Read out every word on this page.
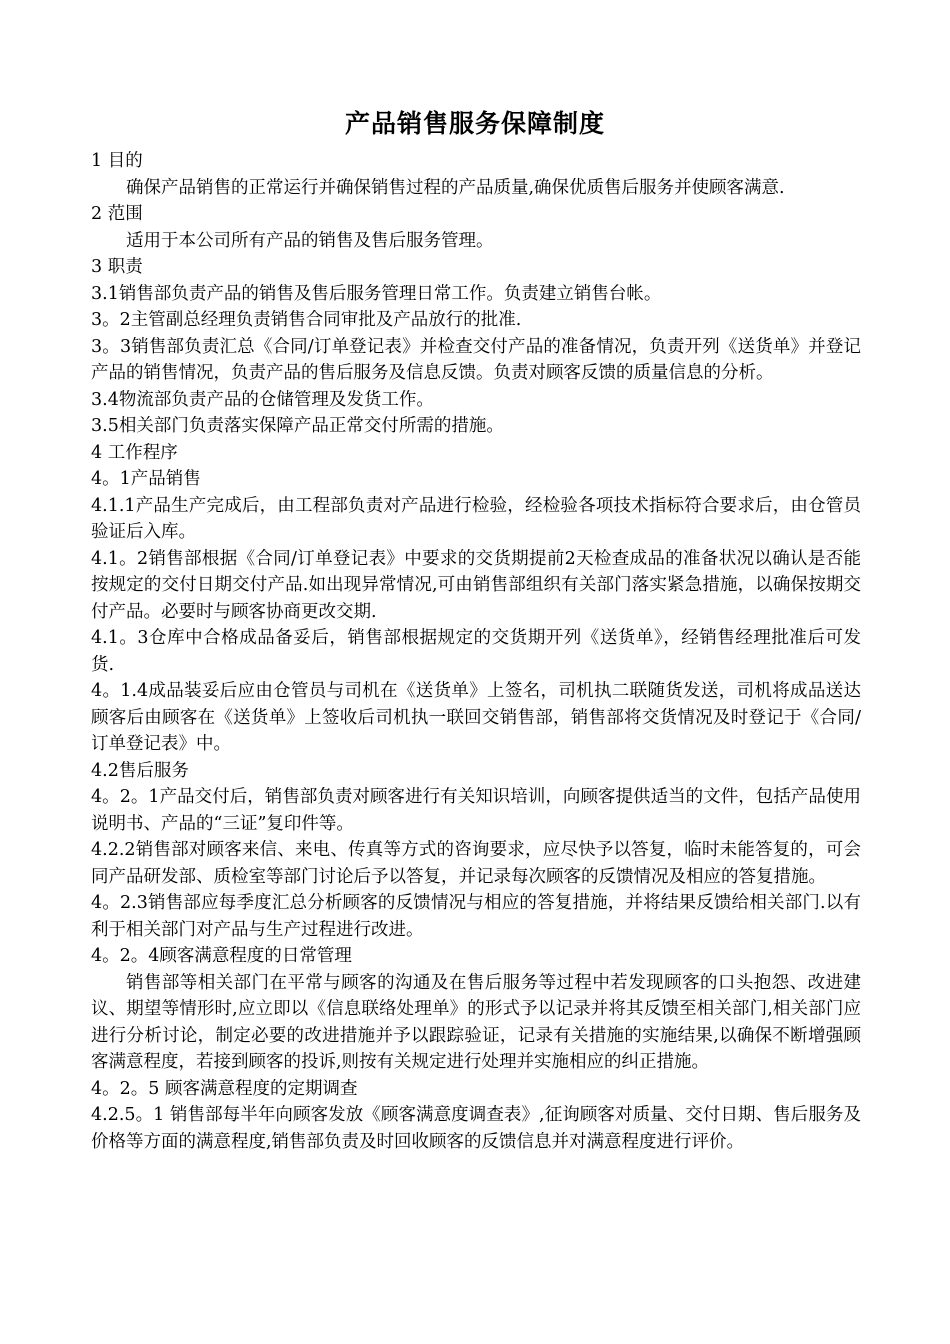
产品销售服务保障制度

1 目的

确保产品销售的正常运行并确保销售过程的产品质量,确保优质售后服务并使顾客满意.

2 范围

适用于本公司所有产品的销售及售后服务管理。

3 职责

3.1销售部负责产品的销售及售后服务管理日常工作。负责建立销售台帐。

3。2主管副总经理负责销售合同审批及产品放行的批准.

3。3销售部负责汇总《合同/订单登记表》并检查交付产品的准备情况，负责开列《送货单》并登记产品的销售情况，负责产品的售后服务及信息反馈。负责对顾客反馈的质量信息的分析。

3.4物流部负责产品的仓储管理及发货工作。

3.5相关部门负责落实保障产品正常交付所需的措施。

4 工作程序

4。1产品销售

4.1.1产品生产完成后，由工程部负责对产品进行检验，经检验各项技术指标符合要求后，由仓管员验证后入库。

4.1。2销售部根据《合同/订单登记表》中要求的交货期提前2天检查成品的准备状况以确认是否能按规定的交付日期交付产品.如出现异常情况,可由销售部组织有关部门落实紧急措施，以确保按期交付产品。必要时与顾客协商更改交期.

4.1。3仓库中合格成品备妥后，销售部根据规定的交货期开列《送货单》，经销售经理批准后可发货.

4。1.4成品装妥后应由仓管员与司机在《送货单》上签名，司机执二联随货发送，司机将成品送达顾客后由顾客在《送货单》上签收后司机执一联回交销售部，销售部将交货情况及时登记于《合同/订单登记表》中。

4.2售后服务

4。2。1产品交付后，销售部负责对顾客进行有关知识培训，向顾客提供适当的文件，包括产品使用说明书、产品的“三证”复印件等。

4.2.2销售部对顾客来信、来电、传真等方式的咨询要求，应尽快予以答复，临时未能答复的，可会同产品研发部、质检室等部门讨论后予以答复，并记录每次顾客的反馈情况及相应的答复措施。

4。2.3销售部应每季度汇总分析顾客的反馈情况与相应的答复措施，并将结果反馈给相关部门.以有利于相关部门对产品与生产过程进行改进。

4。2。4顾客满意程度的日常管理

销售部等相关部门在平常与顾客的沟通及在售后服务等过程中若发现顾客的口头抱怨、改进建议、期望等情形时,应立即以《信息联络处理单》的形式予以记录并将其反馈至相关部门,相关部门应进行分析讨论，制定必要的改进措施并予以跟踪验证，记录有关措施的实施结果,以确保不断增强顾客满意程度，若接到顾客的投诉,则按有关规定进行处理并实施相应的纠正措施。

4。2。5 顾客满意程度的定期调查

4.2.5。1 销售部每半年向顾客发放《顾客满意度调查表》,征询顾客对质量、交付日期、售后服务及价格等方面的满意程度,销售部负责及时回收顾客的反馈信息并对满意程度进行评价。
